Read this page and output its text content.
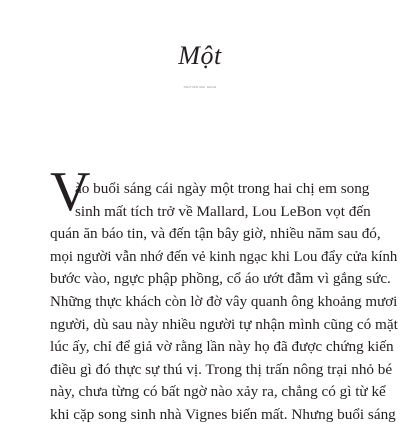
Một
NGUYỄN MAI HANH
V
ào buổi sáng cái ngày một trong hai chị em song
sinh mất tích trở về Mallard, Lou LeBon vọt đến
quán ăn báo tin, và đến tận bây giờ, nhiều năm sau đó,
mọi người vẫn nhớ đến vẻ kinh ngạc khi Lou đẩy cửa kính
bước vào, ngực phập phồng, cổ áo ướt đẫm vì gắng sức.
Những thực khách còn lờ đờ vây quanh ông khoảng mươi
người, dù sau này nhiều người tự nhận mình cũng có mặt
lúc ấy, chỉ để giả vờ rằng lần này họ đã được chứng kiến
điều gì đó thực sự thú vị. Trong thị trấn nông trại nhỏ bé
này, chưa từng có bất ngờ nào xảy ra, chẳng có gì từ kể
khi cặp song sinh nhà Vignes biến mất. Nhưng buổi sáng
